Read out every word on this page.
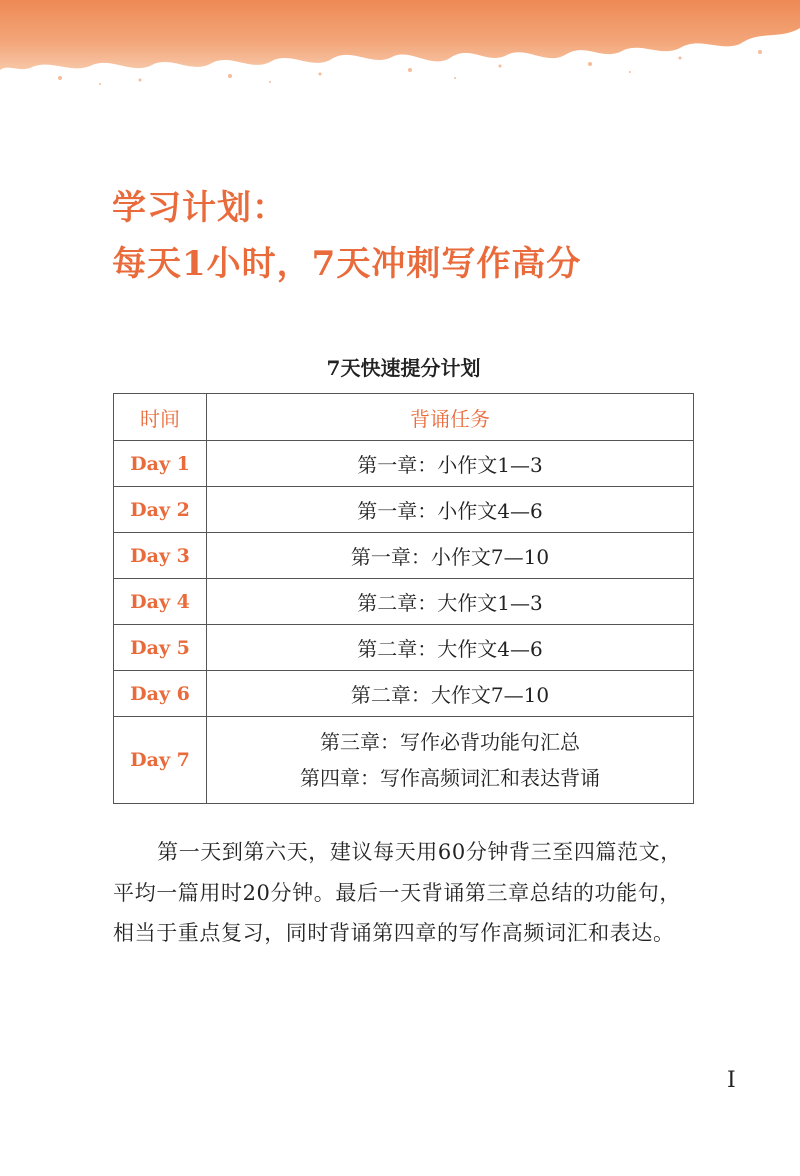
学习计划：
每天1小时，7天冲刺写作高分
7天快速提分计划
时间	背诵任务
Day 1	第一章：小作文1—3
Day 2	第一章：小作文4—6
Day 3	第一章：小作文7—10
Day 4	第二章：大作文1—3
Day 5	第二章：大作文4—6
Day 6	第二章：大作文7—10
Day 7	第三章：写作必背功能句汇总
第四章：写作高频词汇和表达背诵

第一天到第六天，建议每天用60分钟背三至四篇范文，平均一篇用时20分钟。最后一天背诵第三章总结的功能句，相当于重点复习，同时背诵第四章的写作高频词汇和表达。

I
